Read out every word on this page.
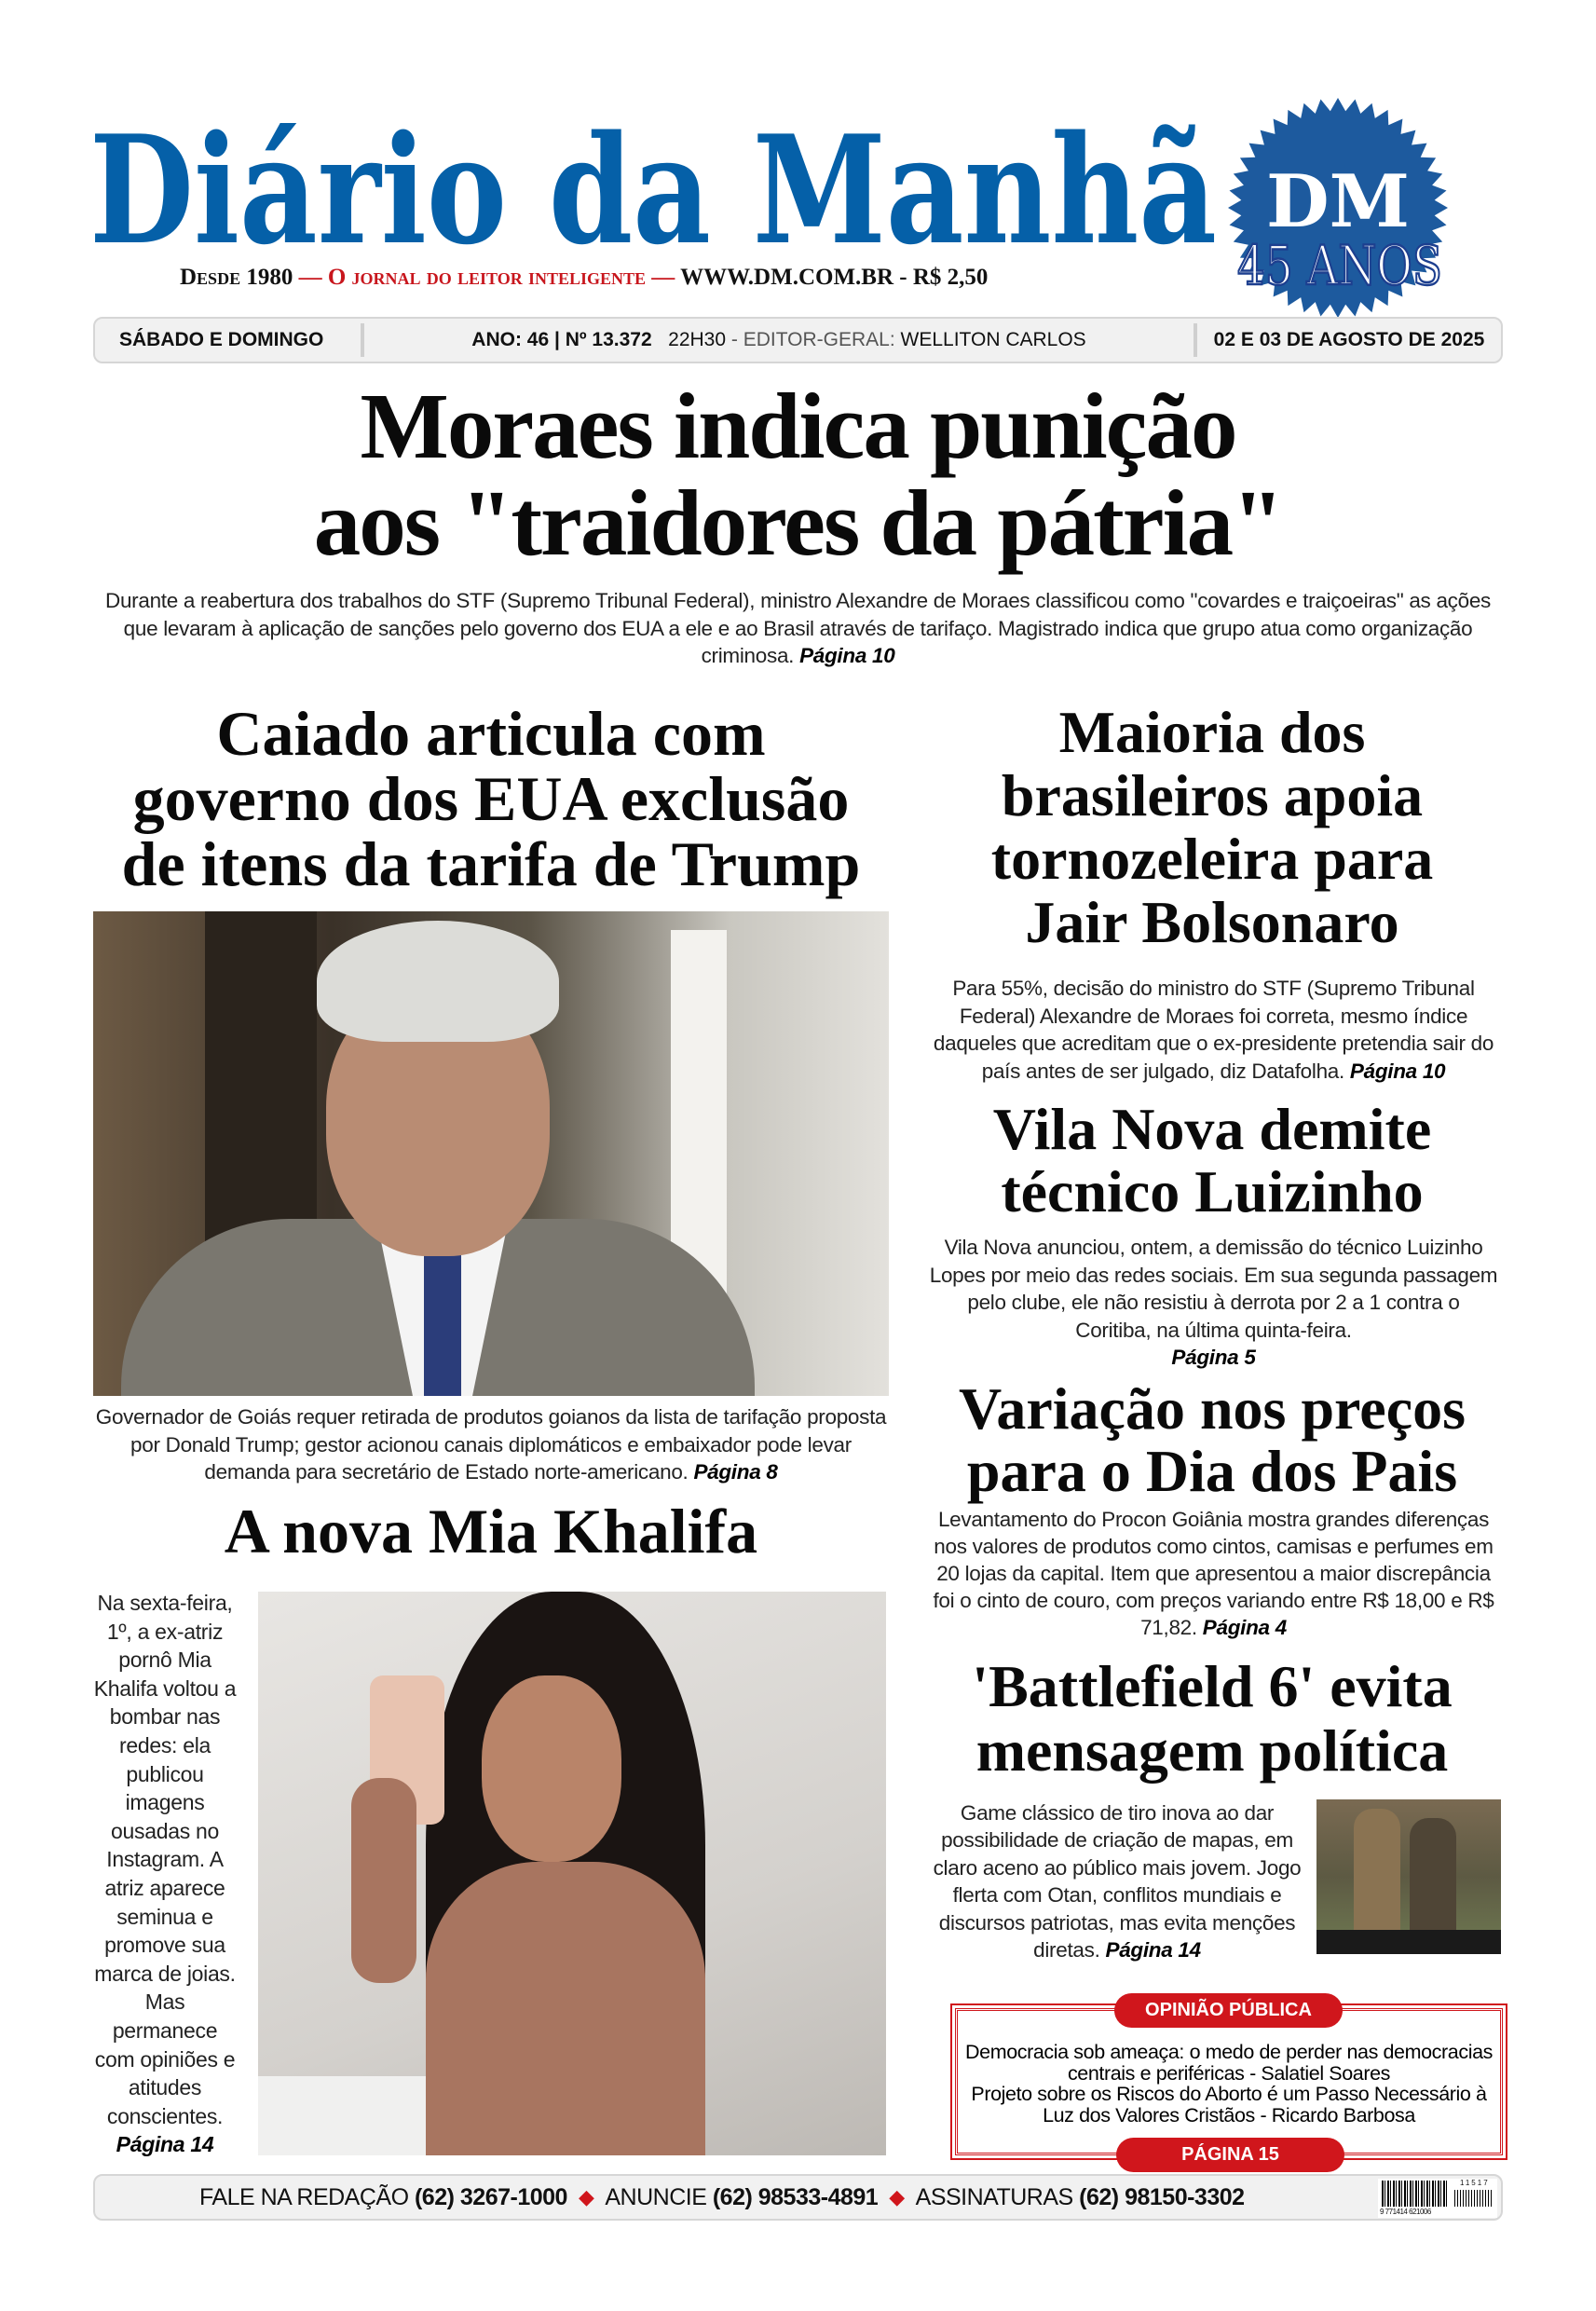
Diário da Manhã DM
45 ANOS
Desde 1980 — O jornal do leitor inteligente — WWW.DM.COM.BR - R$ 2,50
SÁBADO E DOMINGO	ANO: 46 | Nº 13.372 22H30 - EDITOR-GERAL: WELLITON CARLOS	02 E 03 DE AGOSTO DE 2025
Moraes indica punição
aos "traidores da pátria"
Durante a reabertura dos trabalhos do STF (Supremo Tribunal Federal), ministro Alexandre de Moraes classificou como "covardes e traiçoeiras" as ações que levaram à aplicação de sanções pelo governo dos EUA a ele e ao Brasil através de tarifaço. Magistrado indica que grupo atua como organização criminosa. Página 10
Caiado articula com
governo dos EUA exclusão
de itens da tarifa de Trump
Governador de Goiás requer retirada de produtos goianos da lista de tarifação proposta por Donald Trump; gestor acionou canais diplomáticos e embaixador pode levar demanda para secretário de Estado norte-americano. Página 8
A nova Mia Khalifa
Na sexta-feira, 1º, a ex-atriz pornô Mia Khalifa voltou a bombar nas redes: ela publicou imagens ousadas no Instagram. A atriz aparece seminua e promove sua marca de joias. Mas permanece com opiniões e atitudes conscientes. Página 14
Maioria dos
brasileiros apoia
tornozeleira para
Jair Bolsonaro
Para 55%, decisão do ministro do STF (Supremo Tribunal Federal) Alexandre de Moraes foi correta, mesmo índice daqueles que acreditam que o ex-presidente pretendia sair do país antes de ser julgado, diz Datafolha. Página 10
Vila Nova demite
técnico Luizinho
Vila Nova anunciou, ontem, a demissão do técnico Luizinho Lopes por meio das redes sociais. Em sua segunda passagem pelo clube, ele não resistiu à derrota por 2 a 1 contra o Coritiba, na última quinta-feira.
Página 5
Variação nos preços
para o Dia dos Pais
Levantamento do Procon Goiânia mostra grandes diferenças nos valores de produtos como cintos, camisas e perfumes em 20 lojas da capital. Item que apresentou a maior discrepância foi o cinto de couro, com preços variando entre R$ 18,00 e R$ 71,82. Página 4
'Battlefield 6' evita
mensagem política
Game clássico de tiro inova ao dar possibilidade de criação de mapas, em claro aceno ao público mais jovem. Jogo flerta com Otan, conflitos mundiais e discursos patriotas, mas evita menções diretas. Página 14
Democracia sob ameaça: o medo de perder nas democracias centrais e periféricas - Salatiel Soares
Projeto sobre os Riscos do Aborto é um Passo Necessário à Luz dos Valores Cristãos - Ricardo Barbosa
OPINIÃO PÚBLICA
PÁGINA 15
FALE NA REDAÇÃO
(62) 3267-1000 ◆ ANUNCIE
(62) 98533-4891 ◆ ASSINATURAS
(62) 98150-3302
11517
9 771414 621006
